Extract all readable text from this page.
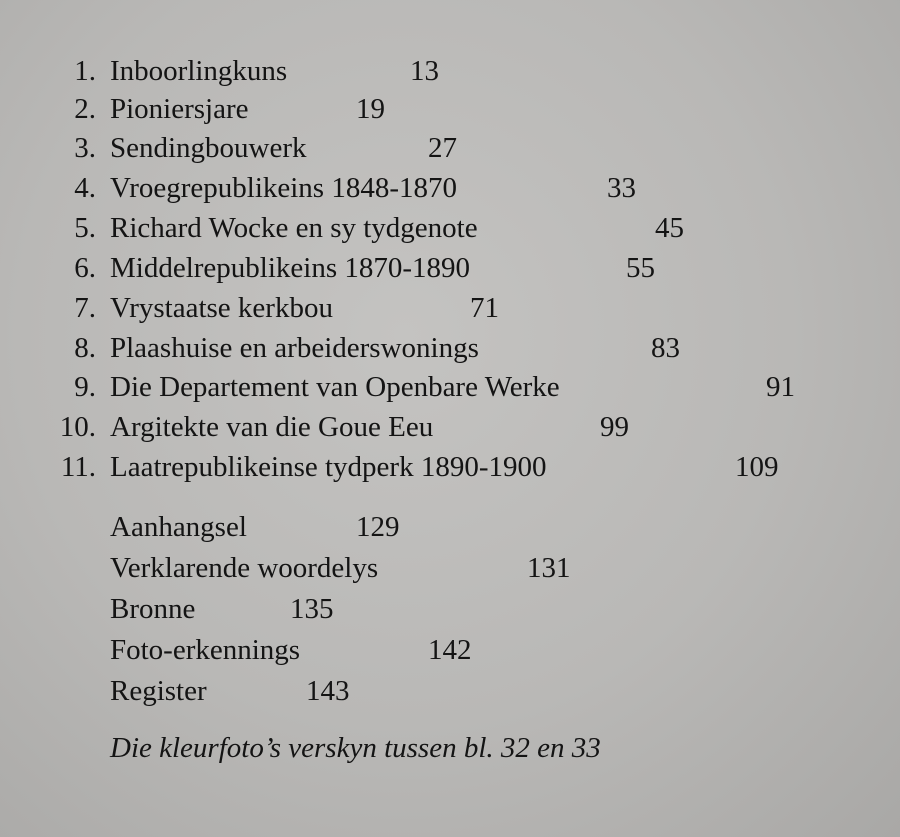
1. Inboorlingkuns	13
2. Pioniersjare	19
3. Sendingbouwerk	27
4. Vroegrepublikeins 1848-1870	33
5. Richard Wocke en sy tydgenote	45
6. Middelrepublikeins 1870-1890	55
7. Vrystaatse kerkbou	71
8. Plaashuise en arbeiderswonings	83
9. Die Departement van Openbare Werke	91
10. Argitekte van die Goue Eeu	99
11. Laatrepublikeinse tydperk 1890-1900	109
Aanhangsel	129
Verklarende woordelys	131
Bronne	135
Foto-erkennings	142
Register	143
Die kleurfoto’s verskyn tussen bl. 32 en 33
